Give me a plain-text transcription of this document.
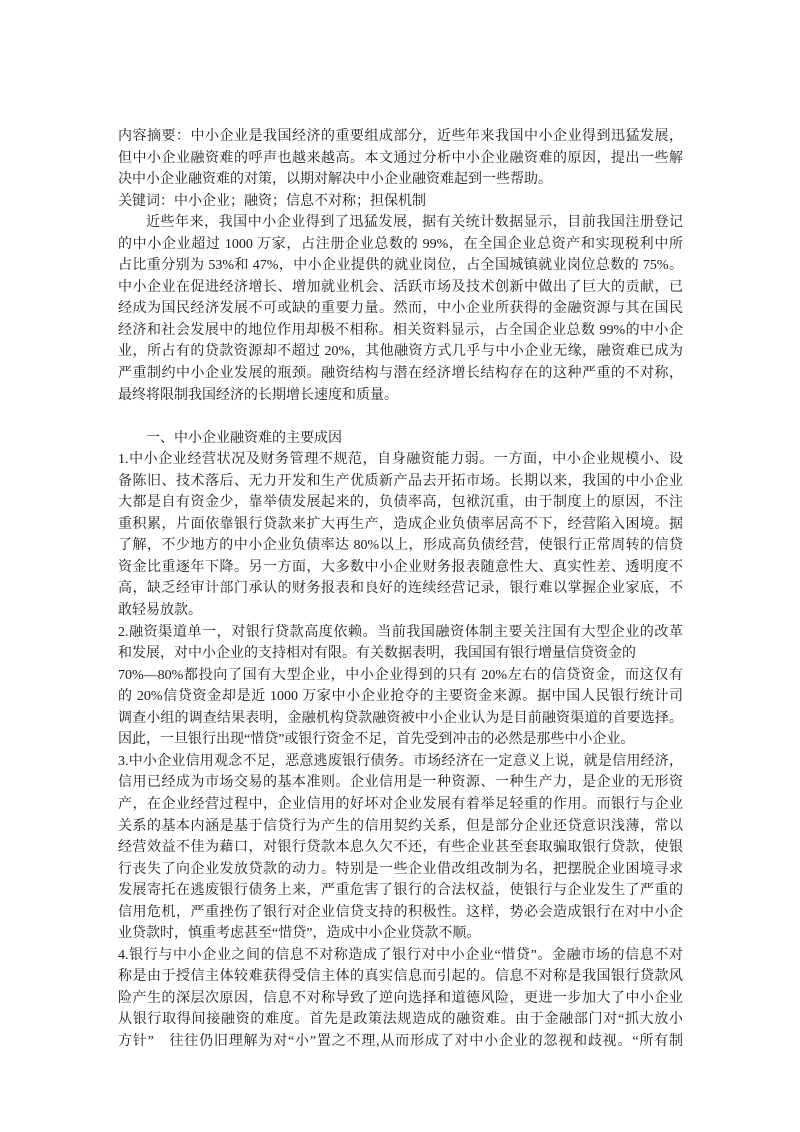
内容摘要：中小企业是我国经济的重要组成部分，近些年来我国中小企业得到迅猛发展，
但中小企业融资难的呼声也越来越高。本文通过分析中小企业融资难的原因，提出一些解
决中小企业融资难的对策，以期对解决中小企业融资难起到一些帮助。
关键词：中小企业；融资；信息不对称；担保机制
近些年来，我国中小企业得到了迅猛发展，据有关统计数据显示，目前我国注册登记
的中小企业超过 1000 万家，占注册企业总数的 99%，在全国企业总资产和实现税利中所
占比重分别为 53%和 47%，中小企业提供的就业岗位，占全国城镇就业岗位总数的 75%。
中小企业在促进经济增长、增加就业机会、活跃市场及技术创新中做出了巨大的贡献，已
经成为国民经济发展不可或缺的重要力量。然而，中小企业所获得的金融资源与其在国民
经济和社会发展中的地位作用却极不相称。相关资料显示，占全国企业总数 99%的中小企
业，所占有的贷款资源却不超过 20%，其他融资方式几乎与中小企业无缘，融资难已成为
严重制约中小企业发展的瓶颈。融资结构与潜在经济增长结构存在的这种严重的不对称，
最终将限制我国经济的长期增长速度和质量。
一、中小企业融资难的主要成因
1.中小企业经营状况及财务管理不规范，自身融资能力弱。一方面，中小企业规模小、设
备陈旧、技术落后、无力开发和生产优质新产品去开拓市场。长期以来，我国的中小企业
大都是自有资金少，靠举债发展起来的，负债率高，包袱沉重，由于制度上的原因，不注
重积累，片面依靠银行贷款来扩大再生产，造成企业负债率居高不下，经营陷入困境。据
了解，不少地方的中小企业负债率达 80%以上，形成高负债经营，使银行正常周转的信贷
资金比重逐年下降。另一方面，大多数中小企业财务报表随意性大、真实性差、透明度不
高，缺乏经审计部门承认的财务报表和良好的连续经营记录，银行难以掌握企业家底，不
敢轻易放款。
2.融资渠道单一，对银行贷款高度依赖。当前我国融资体制主要关注国有大型企业的改革
和发展，对中小企业的支持相对有限。有关数据表明，我国国有银行增量信贷资金的
70%—80%都投向了国有大型企业，中小企业得到的只有 20%左右的信贷资金，而这仅有
的 20%信贷资金却是近 1000 万家中小企业抢夺的主要资金来源。据中国人民银行统计司
调查小组的调查结果表明，金融机构贷款融资被中小企业认为是目前融资渠道的首要选择。
因此，一旦银行出现“惜贷”或银行资金不足，首先受到冲击的必然是那些中小企业。
3.中小企业信用观念不足，恶意逃废银行债务。市场经济在一定意义上说，就是信用经济，
信用已经成为市场交易的基本准则。企业信用是一种资源、一种生产力，是企业的无形资
产，在企业经营过程中，企业信用的好坏对企业发展有着举足轻重的作用。而银行与企业
关系的基本内涵是基于信贷行为产生的信用契约关系，但是部分企业还贷意识浅薄，常以
经营效益不佳为藉口，对银行贷款本息久欠不还，有些企业甚至套取骗取银行贷款，使银
行丧失了向企业发放贷款的动力。特别是一些企业借改组改制为名，把摆脱企业困境寻求
发展寄托在逃废银行债务上来，严重危害了银行的合法权益，使银行与企业发生了严重的
信用危机，严重挫伤了银行对企业信贷支持的积极性。这样，势必会造成银行在对中小企
业贷款时，慎重考虑甚至“惜贷”，造成中小企业贷款不顺。
4.银行与中小企业之间的信息不对称造成了银行对中小企业“惜贷”。金融市场的信息不对
称是由于授信主体较难获得受信主体的真实信息而引起的。信息不对称是我国银行贷款风
险产生的深层次原因，信息不对称导致了逆向选择和道德风险，更进一步加大了中小企业
从银行取得间接融资的难度。首先是政策法规造成的融资难。由于金融部门对“抓大放小
方针”　往往仍旧理解为对“小”置之不理,从而形成了对中小企业的忽视和歧视。“所有制
